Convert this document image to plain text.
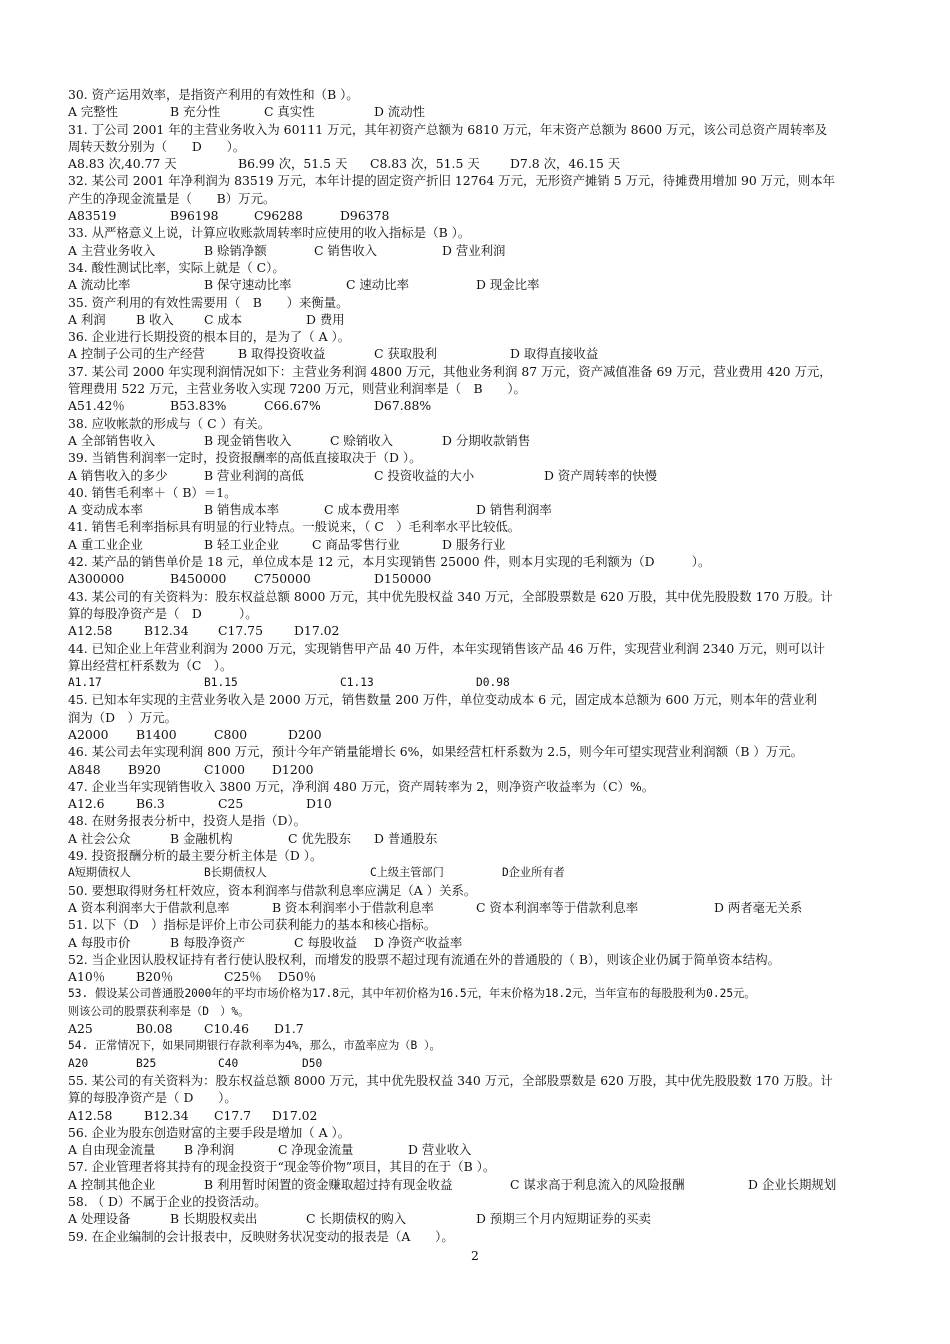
30. 资产运用效率，是指资产利用的有效性和（B ）。
A 完整性	B 充分性	C 真实性	D 流动性
31. 丁公司 2001 年的主营业务收入为 60111 万元，其年初资产总额为 6810 万元，年末资产总额为 8600 万元，该公司总资产周转率及
周转天数分别为（　　D　　）。
A8.83 次,40.77 天	B6.99 次，51.5 天 C8.83 次，51.5 天 D7.8 次，46.15 天
32. 某公司 2001 年净利润为 83519 万元，本年计提的固定资产折旧 12764 万元，无形资产摊销 5 万元，待摊费用增加 90 万元，则本年
产生的净现金流量是（　　B）万元。
A83519	B96198	C96288	D96378
33. 从严格意义上说，计算应收账款周转率时应使用的收入指标是（B ）。
A 主营业务收入	B 赊销净额	C 销售收入	D 营业利润
34. 酸性测试比率，实际上就是（ C）。
A 流动比率	B 保守速动比率	C 速动比率	D 现金比率
35. 资产利用的有效性需要用（　B　　）来衡量。
A 利润 B 收入 C 成本	D 费用
36. 企业进行长期投资的根本目的，是为了（ A ）。
A 控制子公司的生产经营	B 取得投资收益	C 获取股利	D 取得直接收益
37. 某公司 2000 年实现利润情况如下：主营业务利润 4800 万元，其他业务利润 87 万元，资产减值准备 69 万元，营业费用 420 万元，
管理费用 522 万元，主营业务收入实现 7200 万元，则营业利润率是（　B　　）。
A51.42％	B53.83%	C66.67%	D67.88%
38. 应收帐款的形成与（ C ）有关。
A 全部销售收入	B 现金销售收入	C 赊销收入	D 分期收款销售
39. 当销售利润率一定时，投资报酬率的高低直接取决于（D ）。
A 销售收入的多少	B 营业利润的高低	C 投资收益的大小	D 资产周转率的快慢
40. 销售毛利率＋（ B）＝1。
A 变动成本率	B 销售成本率	C 成本费用率	D 销售利润率
41. 销售毛利率指标具有明显的行业特点。一般说来，（ C　）毛利率水平比较低。
A 重工业企业	B 轻工业企业	C 商品零售行业	D 服务行业
42. 某产品的销售单价是 18 元，单位成本是 12 元，本月实现销售 25000 件，则本月实现的毛利额为（D　　　）。
A300000	B450000 C750000	D150000
43. 某公司的有关资料为：股东权益总额 8000 万元，其中优先股权益 340 万元，全部股票数是 620 万股，其中优先股股数 170 万股。计
算的每股净资产是（　D　　　）。
A12.58	B12.34 C17.75	D17.02
44. 已知企业上年营业利润为 2000 万元，实现销售甲产品 40 万件，本年实现销售该产品 46 万件，实现营业利润 2340 万元，则可以计
算出经营杠杆系数为（C　）。
A1.17	B1.15	C1.13	D0.98
45. 已知本年实现的主营业务收入是 2000 万元，销售数量 200 万件，单位变动成本 6 元，固定成本总额为 600 万元，则本年的营业利
润为（D　）万元。
A2000 B1400	C800	D200
46. 某公司去年实现利润 800 万元，预计今年产销量能增长 6%，如果经营杠杆系数为 2.5，则今年可望实现营业利润额（B ）万元。
A848 B920	C1000 D1200
47. 企业当年实现销售收入 3800 万元，净利润 480 万元，资产周转率为 2，则净资产收益率为（C）%。
A12.6	B6.3	C25	D10
48. 在财务报表分析中，投资人是指（D）。
A 社会公众	B 金融机构	C 优先股东 D 普通股东
49. 投资报酬分析的最主要分析主体是（D ）。
A短期债权人	B长期债权人	C上级主管部门	D企业所有者
50. 要想取得财务杠杆效应，资本利润率与借款利息率应满足（A ）关系。
A 资本利润率大于借款利息率	B 资本利润率小于借款利息率	C 资本利润率等于借款利息率	D 两者毫无关系
51. 以下（D　）指标是评价上市公司获利能力的基本和核心指标。
A 每股市价	B 每股净资产	C 每股收益 D 净资产收益率
52. 当企业因认股权证持有者行使认股权利，而增发的股票不超过现有流通在外的普通股的（ B），则该企业仍属于简单资本结构。
A10％ B20％	C25％ D50％
53. 假设某公司普通股2000年的平均市场价格为17.8元，其中年初价格为16.5元，年末价格为18.2元，当年宣布的每股股利为0.25元。
则该公司的股票获利率是（D　）%。
A25	B0.08	C10.46 D1.7
54. 正常情况下，如果同期银行存款利率为4%，那么，市盈率应为（B ）。
A20	B25	C40	D50
55. 某公司的有关资料为：股东权益总额 8000 万元，其中优先股权益 340 万元，全部股票数是 620 万股，其中优先股股数 170 万股。计
算的每股净资产是（ D　　）。
A12.58	B12.34 C17.7 D17.02
56. 企业为股东创造财富的主要手段是增加（ A ）。
A 自由现金流量 B 净利润	C 净现金流量	D 营业收入
57. 企业管理者将其持有的现金投资于“现金等价物”项目，其目的在于（B ）。
A 控制其他企业	B 利用暂时闲置的资金赚取超过持有现金收益	C 谋求高于利息流入的风险报酬	D 企业长期规划
58. （ D）不属于企业的投资活动。
A 处理设备	B 长期股权卖出	C 长期债权的购入	D 预期三个月内短期证券的买卖
59. 在企业编制的会计报表中，反映财务状况变动的报表是（A　　）。
2
